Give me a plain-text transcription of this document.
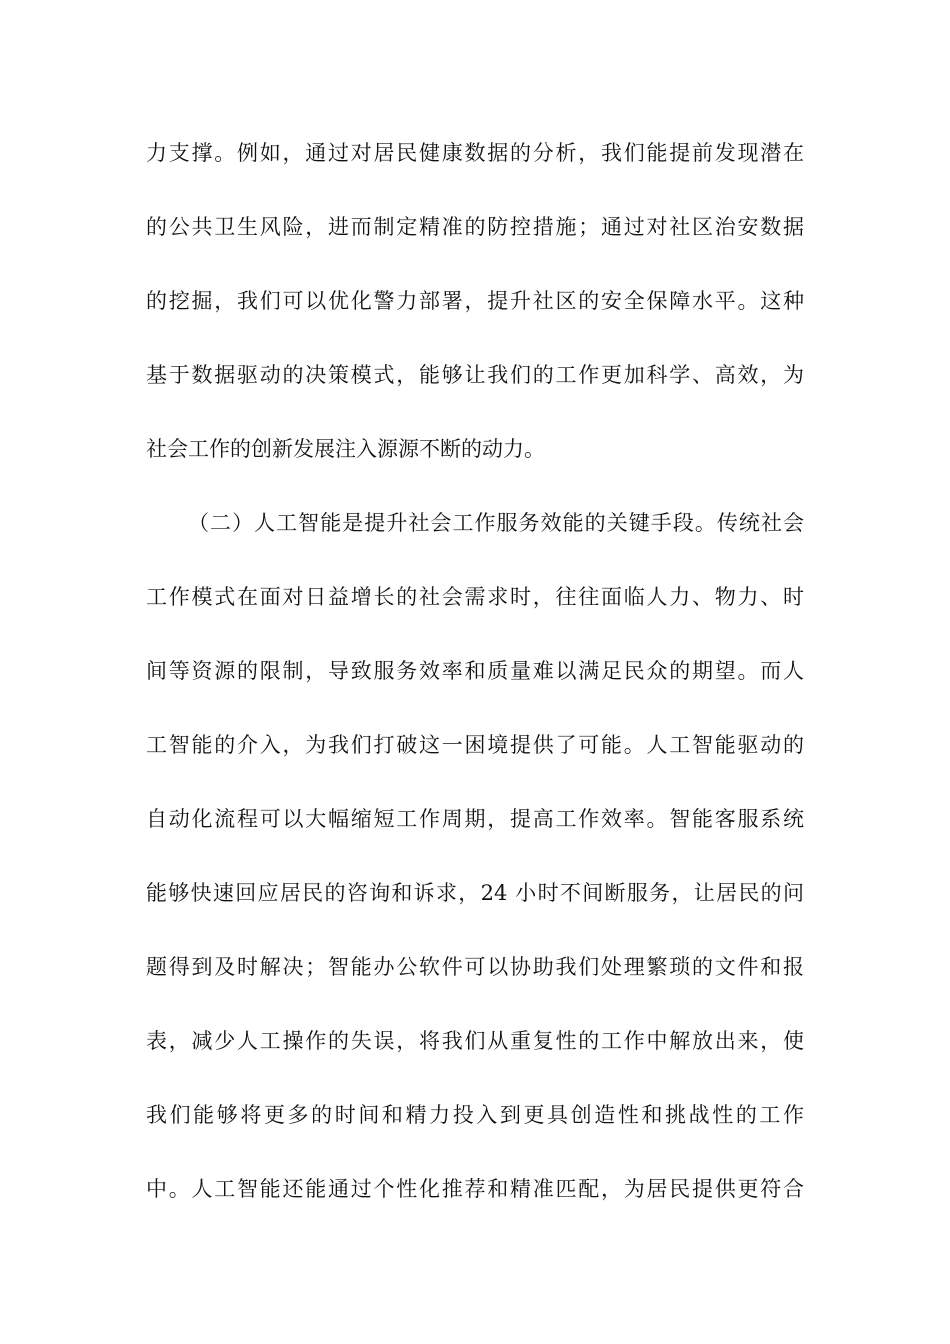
力支撑。例如，通过对居民健康数据的分析，我们能提前发现潜在
的公共卫生风险，进而制定精准的防控措施；通过对社区治安数据
的挖掘，我们可以优化警力部署，提升社区的安全保障水平。这种
基于数据驱动的决策模式，能够让我们的工作更加科学、高效，为
社会工作的创新发展注入源源不断的动力。
（二）人工智能是提升社会工作服务效能的关键手段。传统社会
工作模式在面对日益增长的社会需求时，往往面临人力、物力、时
间等资源的限制，导致服务效率和质量难以满足民众的期望。而人
工智能的介入，为我们打破这一困境提供了可能。人工智能驱动的
自动化流程可以大幅缩短工作周期，提高工作效率。智能客服系统
能够快速回应居民的咨询和诉求，24 小时不间断服务，让居民的问
题得到及时解决；智能办公软件可以协助我们处理繁琐的文件和报
表，减少人工操作的失误，将我们从重复性的工作中解放出来，使
我们能够将更多的时间和精力投入到更具创造性和挑战性的工作
中。人工智能还能通过个性化推荐和精准匹配，为居民提供更符合
